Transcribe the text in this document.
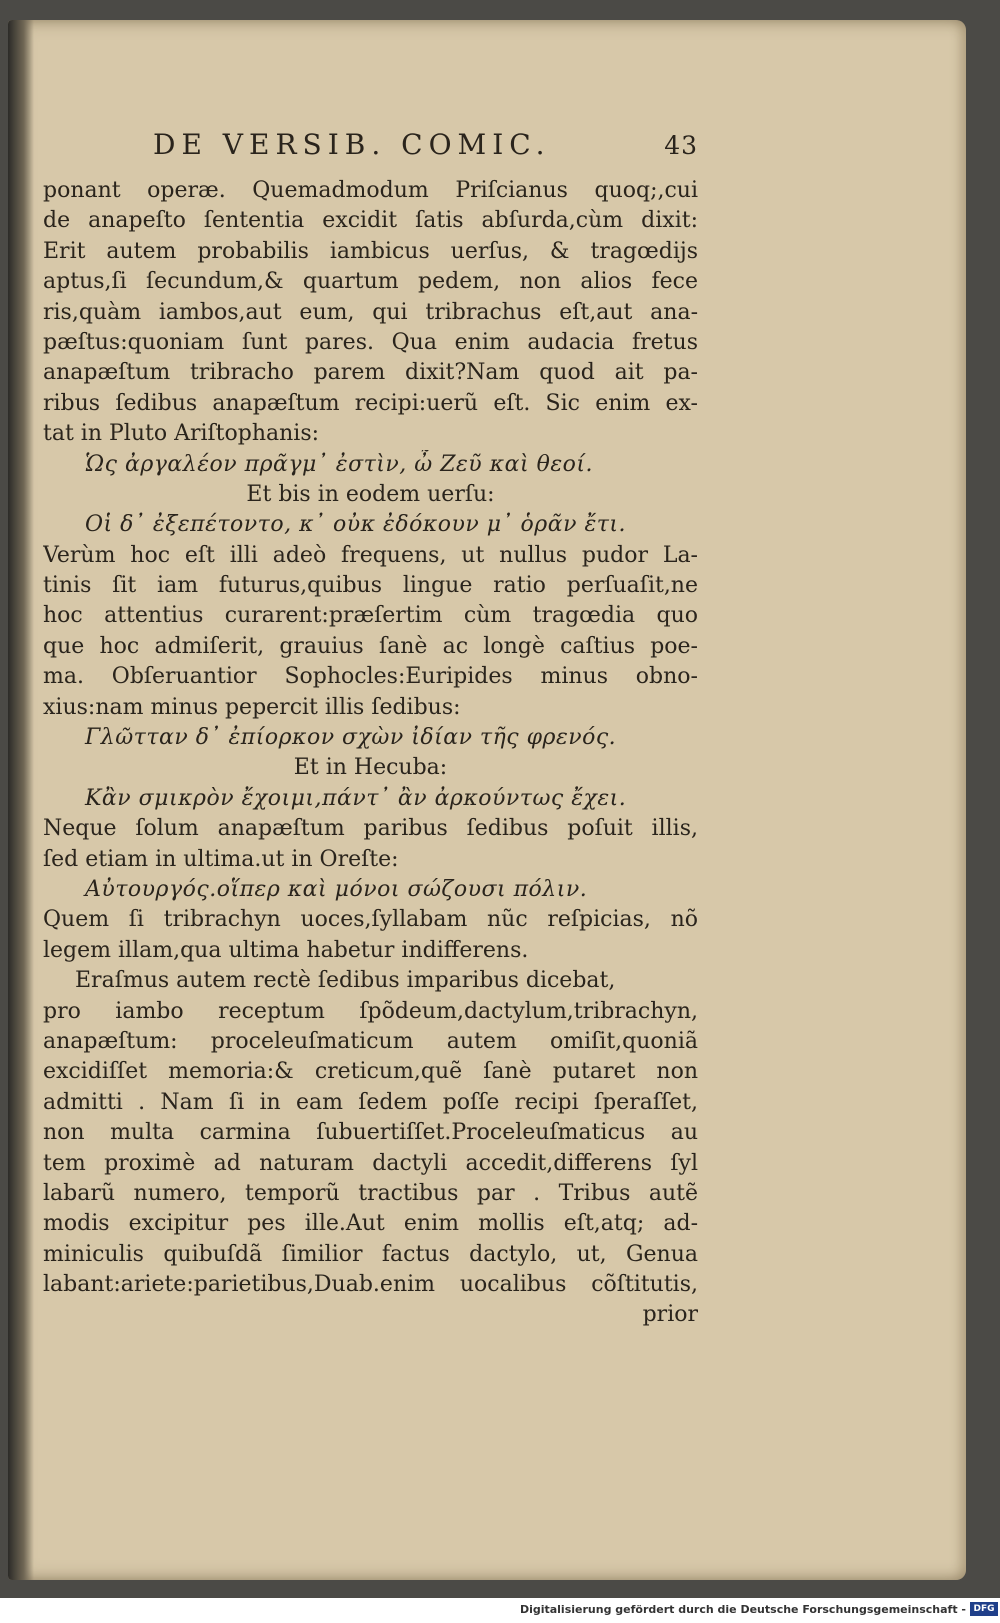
DE VERSIB. COMIC.	43
ponant operæ. Quemadmodum Priſcianus quoq;,cui
de anapeſto ſententia excidit ſatis abſurda,cùm dixit:
Erit autem probabilis iambicus uerſus, & tragœdijs
aptus,ſi ſecundum,& quartum pedem, non alios fece
ris,quàm iambos,aut eum, qui tribrachus eſt,aut ana-
pæſtus:quoniam ſunt pares. Qua enim audacia fretus
anapæſtum tribracho parem dixit?Nam quod ait pa-
ribus ſedibus anapæſtum recipi:uerũ eſt. Sic enim ex-
tat in Pluto Ariſtophanis:
Ὡς ἀργαλέον πρᾶγμ᾽ ἐστὶν, ὦ Ζεῦ καὶ θεοί.
Et bis in eodem uerſu:
Οἱ δ᾽ ἐξεπέτοντο, κ᾽ οὐκ ἐδόκουν μ᾽ ὁρᾶν ἔτι.
Verùm hoc eſt illi adeò frequens, ut nullus pudor La-
tinis ſit iam futurus,quibus lingue ratio perſuaſit,ne
hoc attentius curarent:præſertim cùm tragœdia quo
que hoc admiſerit, grauius ſanè ac longè caſtius poe-
ma. Obſeruantior Sophocles:Euripides minus obno-
xius:nam minus pepercit illis ſedibus:
Γλῶτταν δ᾽ ἐπίορκον σχὼν ἰδίαν τῆς φρενός.
Et in Hecuba:
Κἂν σμικρὸν ἔχοιμι,πάντ᾽ ἂν ἀρκούντως ἔχει.
Neque ſolum anapæſtum paribus ſedibus poſuit illis,
ſed etiam in ultima.ut in Oreſte:
Αὐτουργός.οἵπερ καὶ μόνοι σώζουσι πόλιν.
Quem ſi tribrachyn uoces,ſyllabam nũc reſpicias, nõ
legem illam,qua ultima habetur indifferens.
Eraſmus autem rectè ſedibus imparibus dicebat,
pro iambo receptum ſpõdeum,dactylum,tribrachyn,
anapæſtum: proceleuſmaticum autem omiſit,quoniã
excidiſſet memoria:& creticum,quẽ ſanè putaret non
admitti . Nam ſi in eam ſedem poſſe recipi ſperaſſet,
non multa carmina ſubuertiſſet.Proceleuſmaticus au
tem proximè ad naturam dactyli accedit,differens ſyl
labarũ numero, temporũ tractibus par . Tribus autẽ
modis excipitur pes ille.Aut enim mollis eſt,atq; ad-
miniculis quibuſdã ſimilior factus dactylo, ut, Genua
labant:ariete:parietibus,Duab.enim uocalibus cõſtitutis,
prior
Digitalisierung gefördert durch die Deutsche Forschungsgemeinschaft - DFG
